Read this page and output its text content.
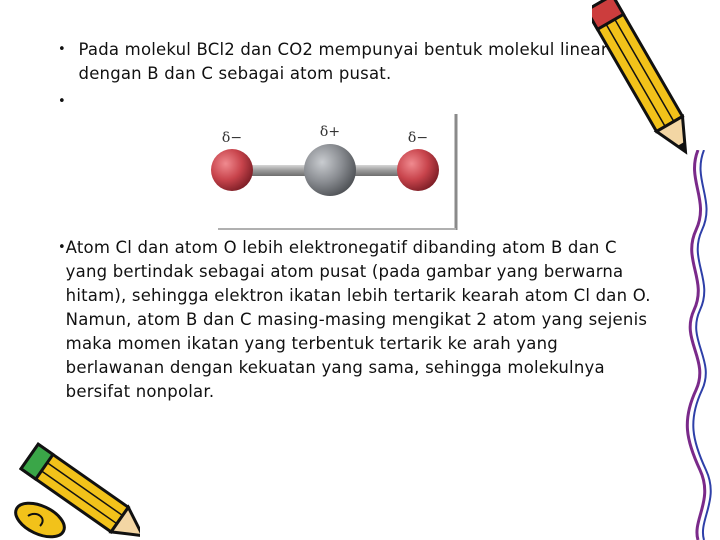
• Pada molekul BCl2 dan CO2 mempunyai bentuk molekul linear dengan B dan C sebagai atom pusat.
•
δ−	δ+	δ−
• Atom Cl dan atom O lebih elektronegatif dibanding atom B dan C yang bertindak sebagai atom pusat (pada gambar yang berwarna hitam), sehingga elektron ikatan lebih tertarik kearah atom Cl dan O. Namun, atom B dan C masing-masing mengikat 2 atom yang sejenis maka momen ikatan yang terbentuk tertarik ke arah yang berlawanan dengan kekuatan yang sama, sehingga molekulnya bersifat nonpolar.
